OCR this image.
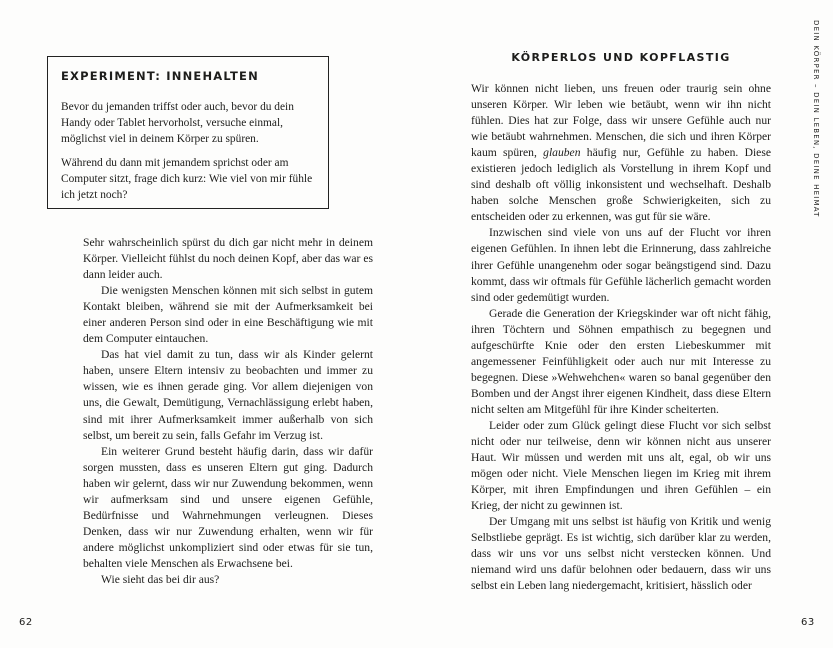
EXPERIMENT: INNEHALTEN

Bevor du jemanden triffst oder auch, bevor du dein Handy oder Tablet hervorholst, versuche einmal, möglichst viel in deinem Körper zu spüren.

Während du dann mit jemandem sprichst oder am Computer sitzt, frage dich kurz: Wie viel von mir fühle ich jetzt noch?

Sehr wahrscheinlich spürst du dich gar nicht mehr in deinem Körper. Vielleicht fühlst du noch deinen Kopf, aber das war es dann leider auch.

Die wenigsten Menschen können mit sich selbst in gutem Kontakt bleiben, während sie mit der Aufmerksamkeit bei einer anderen Person sind oder in eine Beschäftigung wie mit dem Computer eintauchen.

Das hat viel damit zu tun, dass wir als Kinder gelernt haben, unsere Eltern intensiv zu beobachten und immer zu wissen, wie es ihnen gerade ging. Vor allem diejenigen von uns, die Gewalt, Demütigung, Vernachlässigung erlebt haben, sind mit ihrer Aufmerksamkeit immer außerhalb von sich selbst, um bereit zu sein, falls Gefahr im Verzug ist.

Ein weiterer Grund besteht häufig darin, dass wir dafür sorgen mussten, dass es unseren Eltern gut ging. Dadurch haben wir gelernt, dass wir nur Zuwendung bekommen, wenn wir aufmerksam sind und unsere eigenen Gefühle, Bedürfnisse und Wahrnehmungen verleugnen. Dieses Denken, dass wir nur Zuwendung erhalten, wenn wir für andere möglichst unkompliziert sind oder etwas für sie tun, behalten viele Menschen als Erwachsene bei.

Wie sieht das bei dir aus?

62
KÖRPERLOS UND KOPFLASTIG

Wir können nicht lieben, uns freuen oder traurig sein ohne unseren Körper. Wir leben wie betäubt, wenn wir ihn nicht fühlen. Dies hat zur Folge, dass wir unsere Gefühle auch nur wie betäubt wahrnehmen. Menschen, die sich und ihren Körper kaum spüren, glauben häufig nur, Gefühle zu haben. Diese existieren jedoch lediglich als Vorstellung in ihrem Kopf und sind deshalb oft völlig inkonsistent und wechselhaft. Deshalb haben solche Menschen große Schwierigkeiten, sich zu entscheiden oder zu erkennen, was gut für sie wäre.

Inzwischen sind viele von uns auf der Flucht vor ihren eigenen Gefühlen. In ihnen lebt die Erinnerung, dass zahlreiche ihrer Gefühle unangenehm oder sogar beängstigend sind. Dazu kommt, dass wir oftmals für Gefühle lächerlich gemacht worden sind oder gedemütigt wurden.

Gerade die Generation der Kriegskinder war oft nicht fähig, ihren Töchtern und Söhnen empathisch zu begegnen und aufgeschürfte Knie oder den ersten Liebeskummer mit angemessener Feinfühligkeit oder auch nur mit Interesse zu begegnen. Diese »Wehwehchen« waren so banal gegenüber den Bomben und der Angst ihrer eigenen Kindheit, dass diese Eltern nicht selten am Mitgefühl für ihre Kinder scheiterten.

Leider oder zum Glück gelingt diese Flucht vor sich selbst nicht oder nur teilweise, denn wir können nicht aus unserer Haut. Wir müssen und werden mit uns alt, egal, ob wir uns mögen oder nicht. Viele Menschen liegen im Krieg mit ihrem Körper, mit ihren Empfindungen und ihren Gefühlen – ein Krieg, der nicht zu gewinnen ist.

Der Umgang mit uns selbst ist häufig von Kritik und wenig Selbstliebe geprägt. Es ist wichtig, sich darüber klar zu werden, dass wir uns vor uns selbst nicht verstecken können. Und niemand wird uns dafür belohnen oder bedauern, dass wir uns selbst ein Leben lang niedergemacht, kritisiert, hässlich oder

DEIN KÖRPER – DEIN LEBEN, DEINE HEIMAT
63
